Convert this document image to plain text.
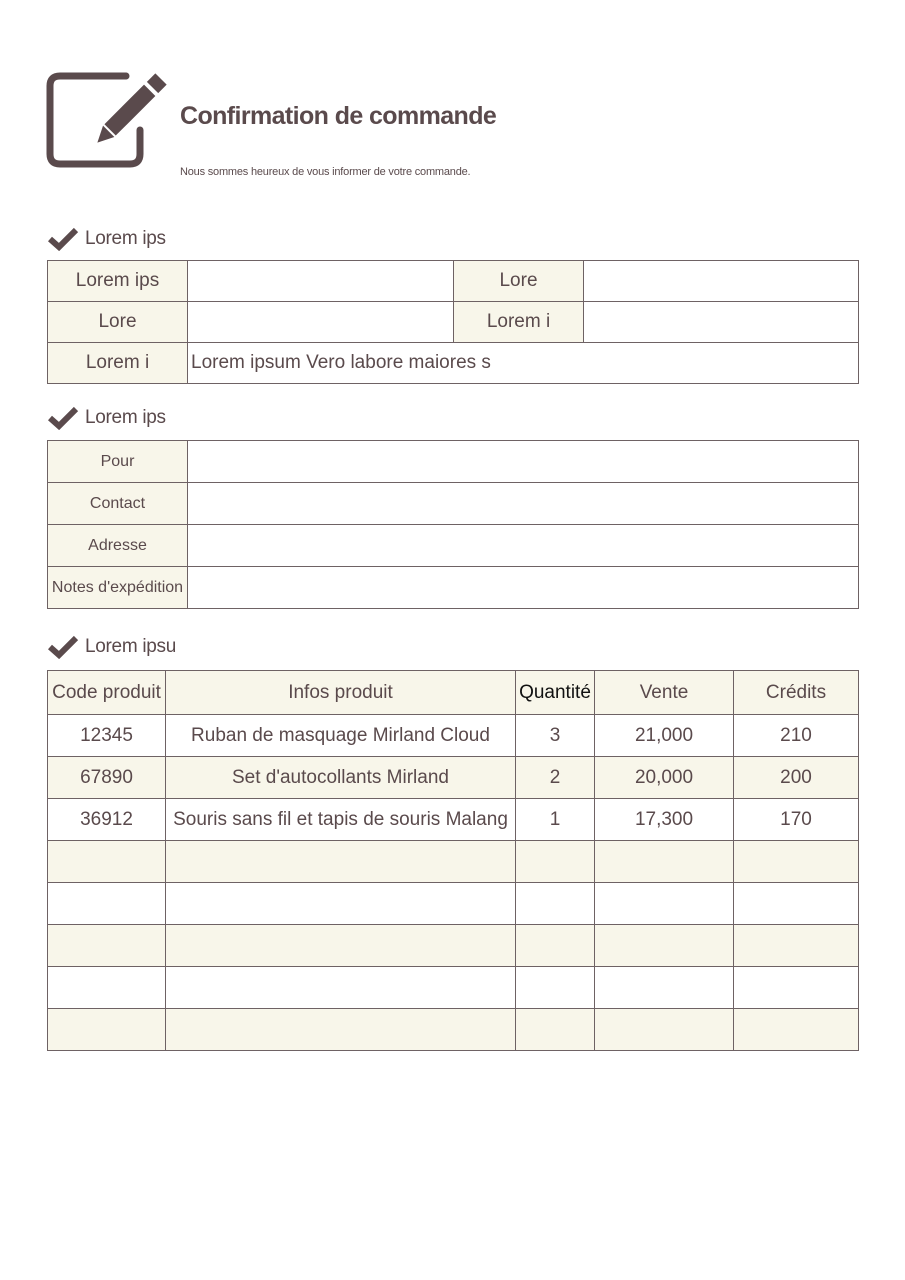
Confirmation de commande

Nous sommes heureux de vous informer de votre commande.

Lorem ips
Lorem ips		Lore	
Lore		Lorem i	
Lorem i	Lorem ipsum Vero labore maiores s		
Lorem ips
Pour	
Contact	
Adresse	
Notes d'expédition	
Lorem ipsu
Code produit	Infos produit	Quantité	Vente	Crédits
12345	Ruban de masquage Mirland Cloud	3	21,000	210
67890	Set d'autocollants Mirland	2	20,000	200
36912	Souris sans fil et tapis de souris Malang	1	17,300	170
